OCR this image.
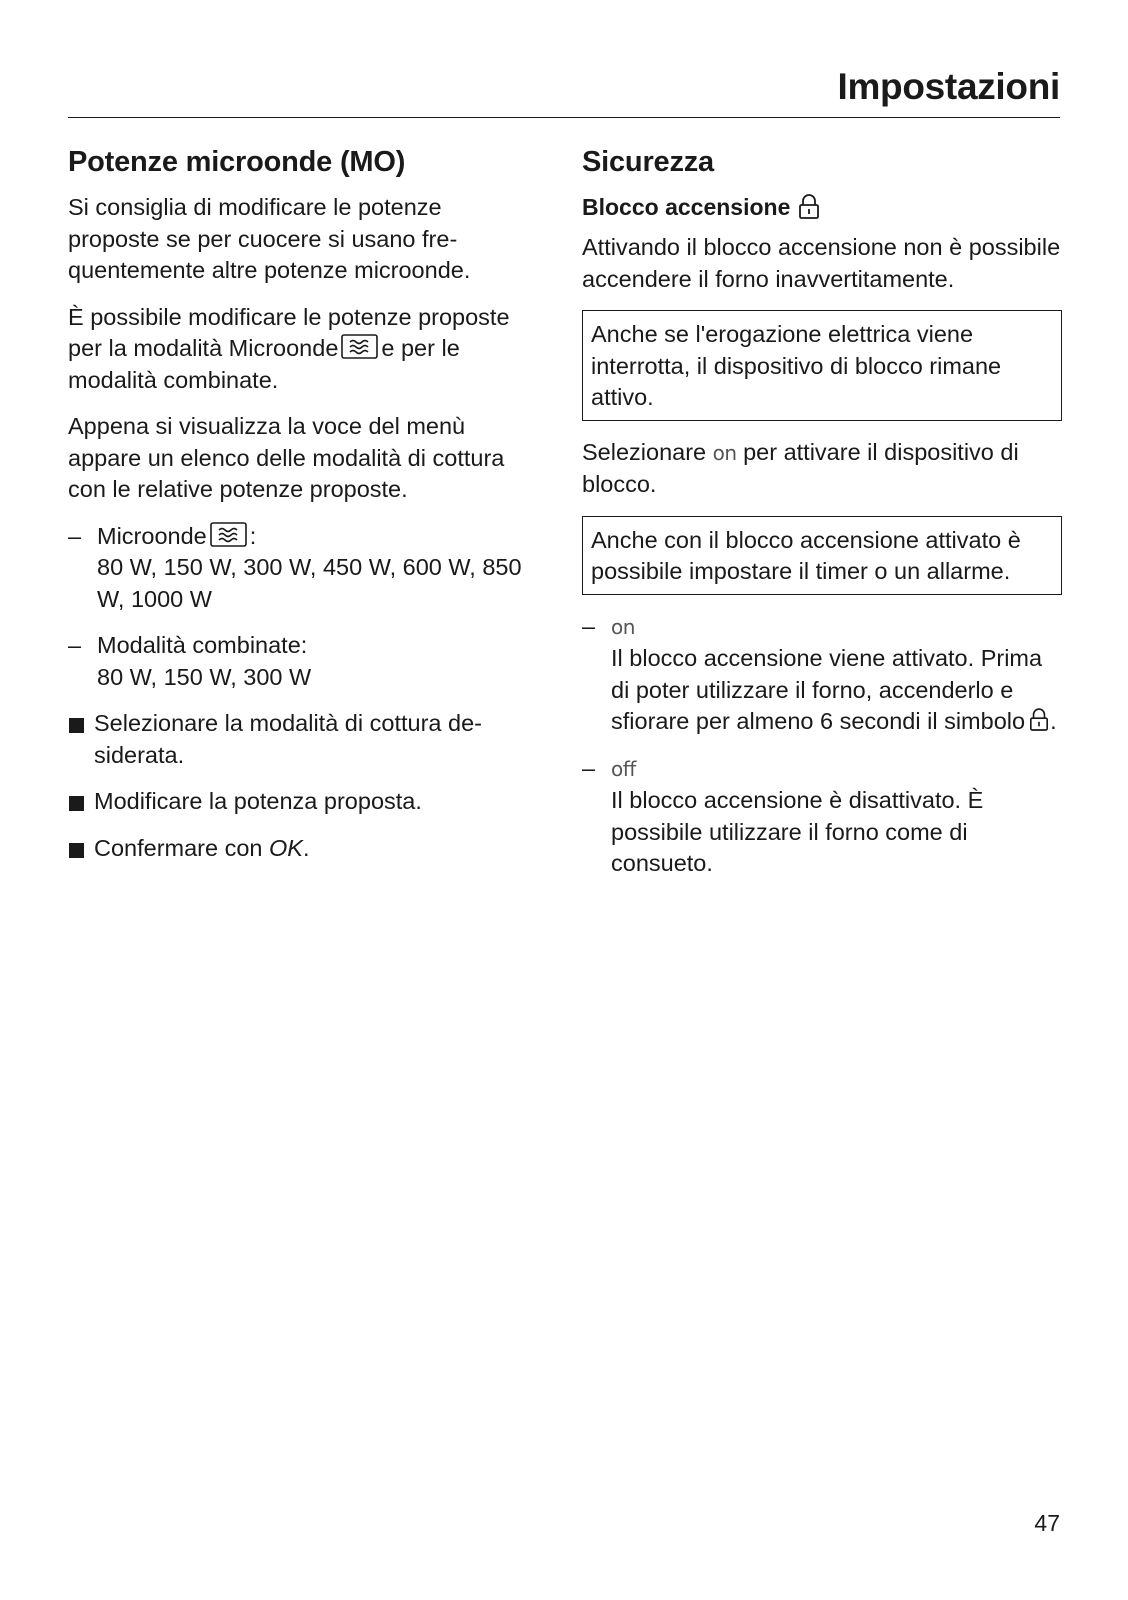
Impostazioni
Potenze microonde (MO)

Si consiglia di modificare le potenze proposte se per cuocere si usano frequentemente altre potenze microonde.

È possibile modificare le potenze proposte per la modalità Microonde e per le modalità combinate.

Appena si visualizza la voce del menù appare un elenco delle modalità di cottura con le relative potenze proposte.

– Microonde :
80 W, 150 W, 300 W, 450 W, 600 W, 850 W, 1000 W
– Modalità combinate:
80 W, 150 W, 300 W
Selezionare la modalità di cottura desiderata.
Modificare la potenza proposta.
Confermare con OK.
Sicurezza
Blocco accensione

Attivando il blocco accensione non è possibile accendere il forno inavvertitamente.

Anche se l'erogazione elettrica viene interrotta, il dispositivo di blocco rimane attivo.

Selezionare on per attivare il dispositivo di blocco.

Anche con il blocco accensione attivato è possibile impostare il timer o un allarme.
– on
Il blocco accensione viene attivato. Prima di poter utilizzare il forno, accenderlo e sfiorare per almeno 6 secondi il simbolo .
– off
Il blocco accensione è disattivato. È possibile utilizzare il forno come di consueto.
47
